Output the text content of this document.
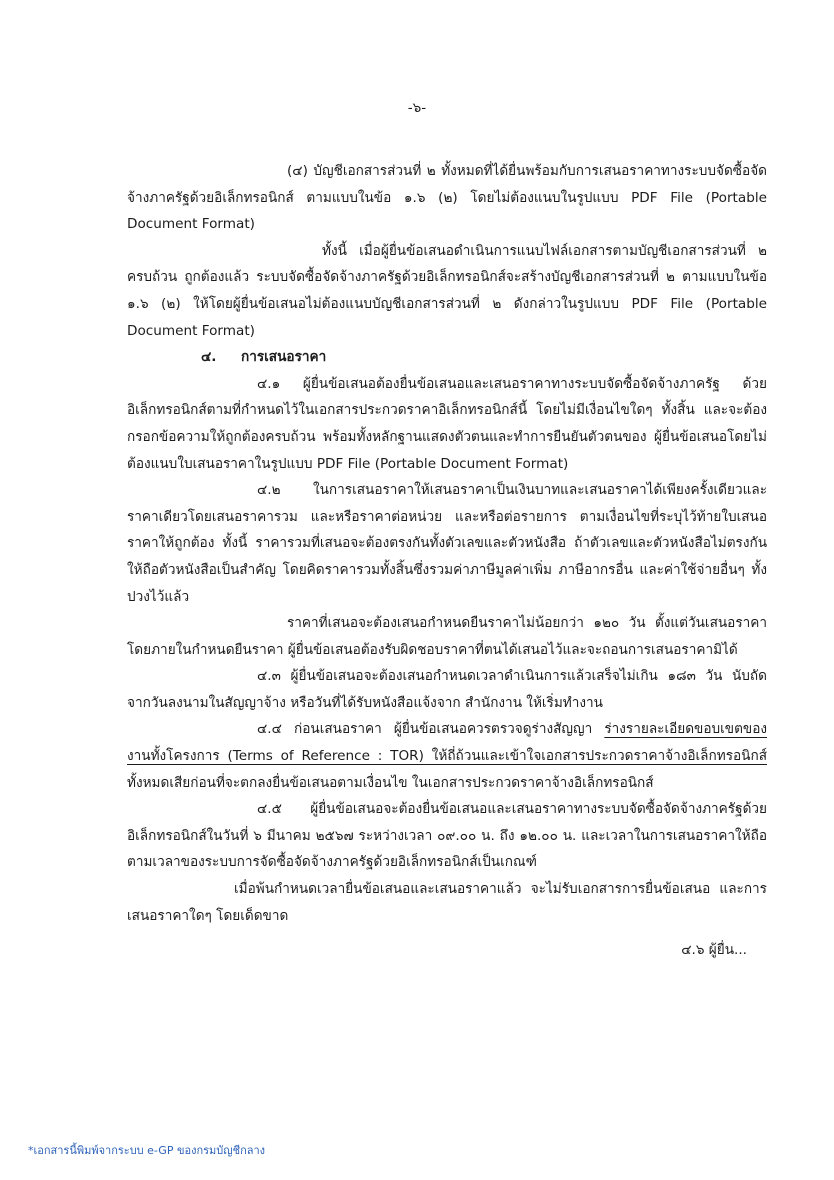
-๖-

(๔) บัญชีเอกสารส่วนที่ ๒ ทั้งหมดที่ได้ยื่นพร้อมกับการเสนอราคาทางระบบจัดซื้อจัดจ้างภาครัฐด้วยอิเล็กทรอนิกส์ ตามแบบในข้อ ๑.๖ (๒) โดยไม่ต้องแนบในรูปแบบ PDF File (Portable Document Format)

ทั้งนี้ เมื่อผู้ยื่นข้อเสนอดำเนินการแนบไฟล์เอกสารตามบัญชีเอกสารส่วนที่ ๒ ครบถ้วน ถูกต้องแล้ว ระบบจัดซื้อจัดจ้างภาครัฐด้วยอิเล็กทรอนิกส์จะสร้างบัญชีเอกสารส่วนที่ ๒ ตามแบบในข้อ ๑.๖ (๒) ให้โดยผู้ยื่นข้อเสนอไม่ต้องแนบบัญชีเอกสารส่วนที่ ๒ ดังกล่าวในรูปแบบ PDF File (Portable Document Format)

๔. การเสนอราคา

๔.๑ ผู้ยื่นข้อเสนอต้องยื่นข้อเสนอและเสนอราคาทางระบบจัดซื้อจัดจ้างภาครัฐ ด้วยอิเล็กทรอนิกส์ตามที่กำหนดไว้ในเอกสารประกวดราคาอิเล็กทรอนิกส์นี้ โดยไม่มีเงื่อนไขใดๆ ทั้งสิ้น และจะต้องกรอกข้อความให้ถูกต้องครบถ้วน พร้อมทั้งหลักฐานแสดงตัวตนและทำการยืนยันตัวตนของ ผู้ยื่นข้อเสนอโดยไม่ต้องแนบใบเสนอราคาในรูปแบบ PDF File (Portable Document Format)

๔.๒ ในการเสนอราคาให้เสนอราคาเป็นเงินบาทและเสนอราคาได้เพียงครั้งเดียวและราคาเดียวโดยเสนอราคารวม และหรือราคาต่อหน่วย และหรือต่อรายการ ตามเงื่อนไขที่ระบุไว้ท้ายใบเสนอราคาให้ถูกต้อง ทั้งนี้ ราคารวมที่เสนอจะต้องตรงกันทั้งตัวเลขและตัวหนังสือ ถ้าตัวเลขและตัวหนังสือไม่ตรงกัน ให้ถือตัวหนังสือเป็นสำคัญ โดยคิดราคารวมทั้งสิ้นซึ่งรวมค่าภาษีมูลค่าเพิ่ม ภาษีอากรอื่น และค่าใช้จ่ายอื่นๆ ทั้งปวงไว้แล้ว

ราคาที่เสนอจะต้องเสนอกำหนดยืนราคาไม่น้อยกว่า ๑๒๐ วัน ตั้งแต่วันเสนอราคาโดยภายในกำหนดยืนราคา ผู้ยื่นข้อเสนอต้องรับผิดชอบราคาที่ตนได้เสนอไว้และจะถอนการเสนอราคามิได้

๔.๓ ผู้ยื่นข้อเสนอจะต้องเสนอกำหนดเวลาดำเนินการแล้วเสร็จไม่เกิน ๑๘๓ วัน นับถัดจากวันลงนามในสัญญาจ้าง หรือวันที่ได้รับหนังสือแจ้งจาก สำนักงาน ให้เริ่มทำงาน

๔.๔ ก่อนเสนอราคา ผู้ยื่นข้อเสนอควรตรวจดูร่างสัญญา ร่างรายละเอียดขอบเขตของงานทั้งโครงการ (Terms of Reference : TOR) ให้ถี่ถ้วนและเข้าใจเอกสารประกวดราคาจ้างอิเล็กทรอนิกส์ ทั้งหมดเสียก่อนที่จะตกลงยื่นข้อเสนอตามเงื่อนไข ในเอกสารประกวดราคาจ้างอิเล็กทรอนิกส์

๔.๕ ผู้ยื่นข้อเสนอจะต้องยื่นข้อเสนอและเสนอราคาทางระบบจัดซื้อจัดจ้างภาครัฐด้วยอิเล็กทรอนิกส์ในวันที่ ๖ มีนาคม ๒๕๖๗ ระหว่างเวลา ๐๙.๐๐ น. ถึง ๑๒.๐๐ น. และเวลาในการเสนอราคาให้ถือตามเวลาของระบบการจัดซื้อจัดจ้างภาครัฐด้วยอิเล็กทรอนิกส์เป็นเกณฑ์

เมื่อพ้นกำหนดเวลายื่นข้อเสนอและเสนอราคาแล้ว จะไม่รับเอกสารการยื่นข้อเสนอ และการเสนอราคาใดๆ โดยเด็ดขาด

๔.๖ ผู้ยื่น...

*เอกสารนี้พิมพ์จากระบบ e-GP ของกรมบัญชีกลาง
